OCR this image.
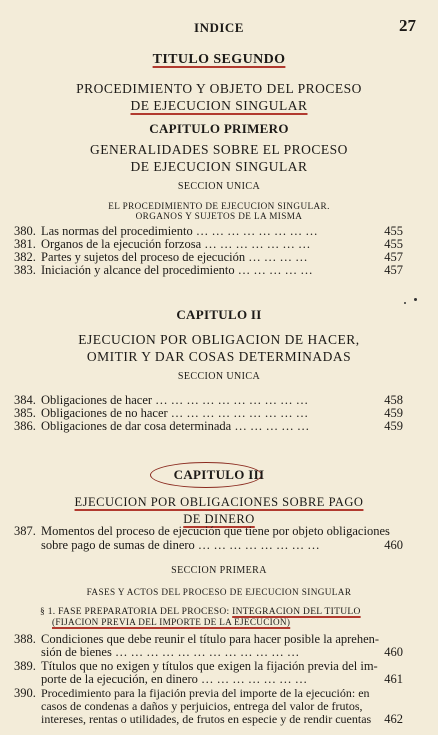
INDICE	27
TITULO SEGUNDO
PROCEDIMIENTO Y OBJETO DEL PROCESO
DE EJECUCION SINGULAR
CAPITULO PRIMERO
GENERALIDADES SOBRE EL PROCESO
DE EJECUCION SINGULAR
SECCION UNICA
EL PROCEDIMIENTO DE EJECUCION SINGULAR.
ORGANOS Y SUJETOS DE LA MISMA
380. Las normas del procedimiento … … … … … … … …	455
381. Organos de la ejecución forzosa … … … … … … …	455
382. Partes y sujetos del proceso de ejecución … … … …	457
383. Iniciación y alcance del procedimiento … … … … …	457
CAPITULO II
EJECUCION POR OBLIGACION DE HACER,
OMITIR Y DAR COSAS DETERMINADAS
SECCION UNICA
384. Obligaciones de hacer … … … … … … … … … …	458
385. Obligaciones de no hacer … … … … … … … … …	459
386. Obligaciones de dar cosa determinada … … … … …	459
CAPITULO III
EJECUCION POR OBLIGACIONES SOBRE PAGO
DE DINERO
387. Momentos del proceso de ejecución que tiene por objeto obligaciones
sobre pago de sumas de dinero … … … … … … … …	460
SECCION PRIMERA
FASES Y ACTOS DEL PROCESO DE EJECUCION SINGULAR
§ 1. FASE PREPARATORIA DEL PROCESO: INTEGRACION DEL TITULO
(FIJACION PREVIA DEL IMPORTE DE LA EJECUCION)
388. Condiciones que debe reunir el título para hacer posible la aprehen-
sión de bienes … … … … … … … … … … … …	460
389. Títulos que no exigen y títulos que exigen la fijación previa del im-
porte de la ejecución, en dinero … … … … … … …	461
390. Procedimiento para la fijación previa del importe de la ejecución: en
casos de condenas a daños y perjuicios, entrega del valor de frutos,
intereses, rentas o utilidades, de frutos en especie y de rendir cuentas 462
